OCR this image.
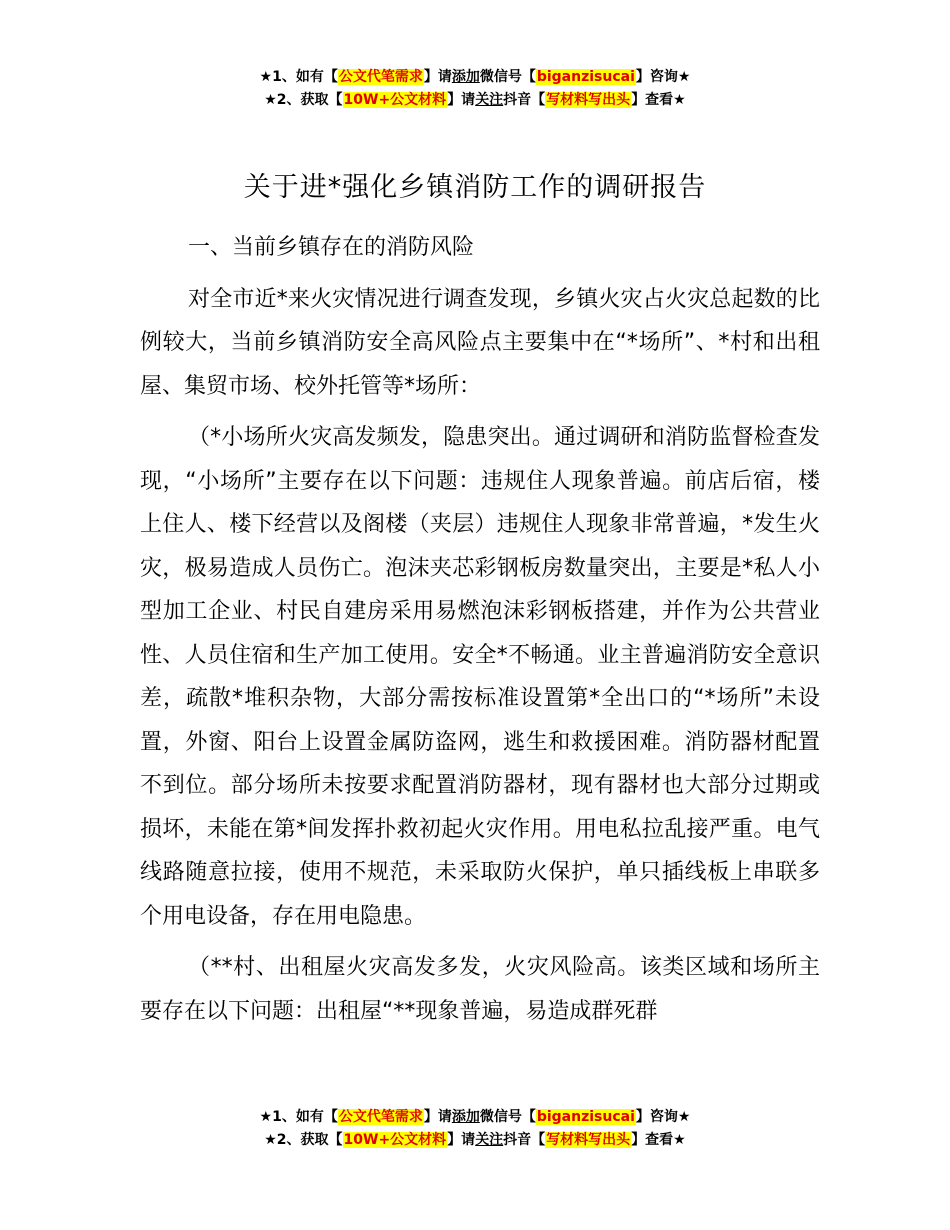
★1、如有【公文代笔需求】请添加微信号【biganzisucai】咨询★
★2、获取【10W+公文材料】请关注抖音【写材料写出头】查看★
关于进*强化乡镇消防工作的调研报告
一、当前乡镇存在的消防风险

对全市近*来火灾情况进行调查发现，乡镇火灾占火灾总起数的比例较大，当前乡镇消防安全高风险点主要集中在“*场所”、*村和出租屋、集贸市场、校外托管等*场所：

（*小场所火灾高发频发，隐患突出。通过调研和消防监督检查发现，“小场所”主要存在以下问题：违规住人现象普遍。前店后宿，楼上住人、楼下经营以及阁楼（夹层）违规住人现象非常普遍，*发生火灾，极易造成人员伤亡。泡沫夹芯彩钢板房数量突出，主要是*私人小型加工企业、村民自建房采用易燃泡沫彩钢板搭建，并作为公共营业性、人员住宿和生产加工使用。安全*不畅通。业主普遍消防安全意识差，疏散*堆积杂物，大部分需按标准设置第*全出口的“*场所”未设置，外窗、阳台上设置金属防盗网，逃生和救援困难。消防器材配置不到位。部分场所未按要求配置消防器材，现有器材也大部分过期或损坏，未能在第*间发挥扑救初起火灾作用。用电私拉乱接严重。电气线路随意拉接，使用不规范，未采取防火保护，单只插线板上串联多个用电设备，存在用电隐患。

（**村、出租屋火灾高发多发，火灾风险高。该类区域和场所主要存在以下问题：出租屋“**现象普遍，易造成群死群

★1、如有【公文代笔需求】请添加微信号【biganzisucai】咨询★
★2、获取【10W+公文材料】请关注抖音【写材料写出头】查看★
